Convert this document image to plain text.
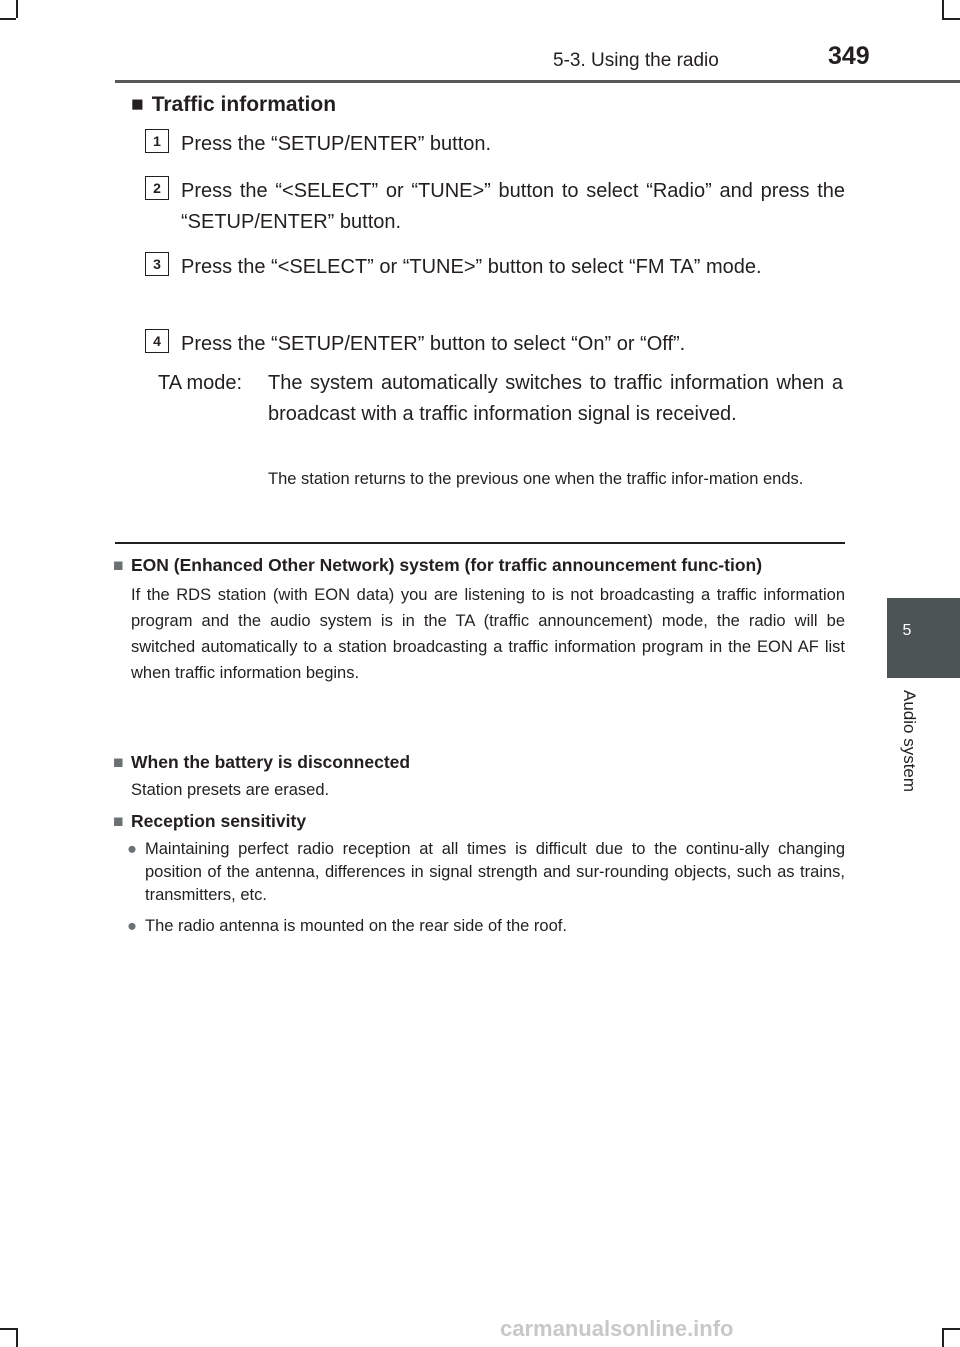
5-3. Using the radio	349
5
Audio system
■ Traffic information
1	Press the “SETUP/ENTER” button.
2	Press the “<SELECT” or “TUNE>” button to select “Radio” and press the “SETUP/ENTER” button.
3	Press the “<SELECT” or “TUNE>” button to select “FM TA” mode.
4	Press the “SETUP/ENTER” button to select “On” or “Off”.
TA mode: The system automatically switches to traffic information when a broadcast with a traffic information signal is received.
The station returns to the previous one when the traffic infor-mation ends.
■ EON (Enhanced Other Network) system (for traffic announcement func-tion)
If the RDS station (with EON data) you are listening to is not broadcasting a traffic information program and the audio system is in the TA (traffic announcement) mode, the radio will be switched automatically to a station broadcasting a traffic information program in the EON AF list when traffic information begins.
■ When the battery is disconnected
Station presets are erased.
■ Reception sensitivity
● Maintaining perfect radio reception at all times is difficult due to the continu-ally changing position of the antenna, differences in signal strength and sur-rounding objects, such as trains, transmitters, etc.
● The radio antenna is mounted on the rear side of the roof.
carmanualsonline.info
